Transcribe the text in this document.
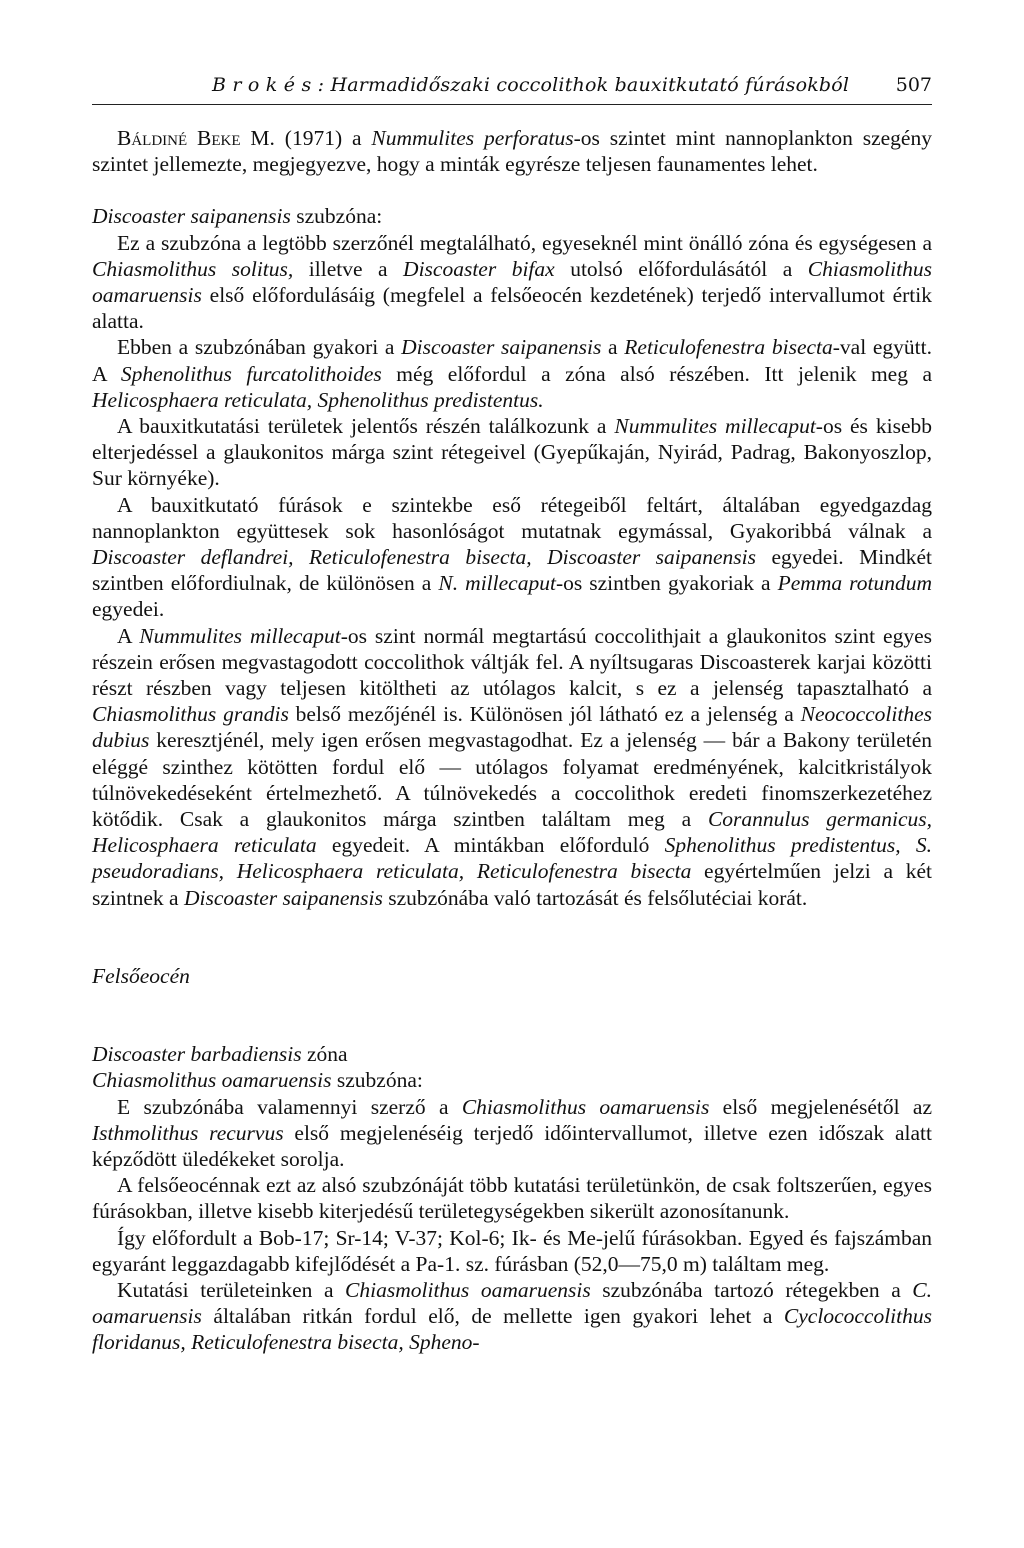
B r o k é s : Harmadidőszaki coccolithok bauxitkutató fúrásokból 507

Báldiné Beke M. (1971) a Nummulites perforatus-os szintet mint nannoplankton szegény szintet jellemezte, megjegyezve, hogy a minták egyrésze teljesen faunamentes lehet.

Discoaster saipanensis szubzóna:

Ez a szubzóna a legtöbb szerzőnél megtalálható, egyeseknél mint önálló zóna és egységesen a Chiasmolithus solitus, illetve a Discoaster bifax utolsó előfordulásától a Chiasmolithus oamaruensis első előfordulásáig (megfelel a felsőeocén kezdetének) terjedő intervallumot értik alatta.

Ebben a szubzónában gyakori a Discoaster saipanensis a Reticulofenestra bisecta-val együtt. A Sphenolithus furcatolithoides még előfordul a zóna alsó részében. Itt jelenik meg a Helicosphaera reticulata, Sphenolithus predistentus.

A bauxitkutatási területek jelentős részén találkozunk a Nummulites millecaput-os és kisebb elterjedéssel a glaukonitos márga szint rétegeivel (Gyepűkaján, Nyirád, Padrag, Bakonyoszlop, Sur környéke).

A bauxitkutató fúrások e szintekbe eső rétegeiből feltárt, általában egyedgazdag nannoplankton együttesek sok hasonlóságot mutatnak egymással, Gyakoribbá válnak a Discoaster deflandrei, Reticulofenestra bisecta, Discoaster saipanensis egyedei. Mindkét szintben előfordiulnak, de különösen a N. millecaput-os szintben gyakoriak a Pemma rotundum egyedei.

A Nummulites millecaput-os szint normál megtartású coccolithjait a glaukonitos szint egyes részein erősen megvastagodott coccolithok váltják fel. A nyíltsugaras Discoasterek karjai közötti részt részben vagy teljesen kitöltheti az utólagos kalcit, s ez a jelenség tapasztalható a Chiasmolithus grandis belső mezőjénél is. Különösen jól látható ez a jelenség a Neococcolithes dubius keresztjénél, mely igen erősen megvastagodhat. Ez a jelenség — bár a Bakony területén eléggé szinthez kötötten fordul elő — utólagos folyamat eredményének, kalcitkristályok túlnövekedéseként értelmezhető. A túlnövekedés a coccolithok eredeti finomszerkezetéhez kötődik. Csak a glaukonitos márga szintben találtam meg a Corannulus germanicus, Helicosphaera reticulata egyedeit. A mintákban előforduló Sphenolithus predistentus, S. pseudoradians, Helicosphaera reticulata, Reticulofenestra bisecta egyértelműen jelzi a két szintnek a Discoaster saipanensis szubzónába való tartozását és felsőlutéciai korát.

Felsőeocén

Discoaster barbadiensis zóna

Chiasmolithus oamaruensis szubzóna:

E szubzónába valamennyi szerző a Chiasmolithus oamaruensis első megjelenésétől az Isthmolithus recurvus első megjelenéséig terjedő időintervallumot, illetve ezen időszak alatt képződött üledékeket sorolja.

A felsőeocénnak ezt az alsó szubzónáját több kutatási területünkön, de csak foltszerűen, egyes fúrásokban, illetve kisebb kiterjedésű területegységekben sikerült azonosítanunk.

Így előfordult a Bob-17; Sr-14; V-37; Kol-6; Ik- és Me-jelű fúrásokban. Egyed és fajszámban egyaránt leggazdagabb kifejlődését a Pa-1. sz. fúrásban (52,0—75,0 m) találtam meg.

Kutatási területeinken a Chiasmolithus oamaruensis szubzónába tartozó rétegekben a C. oamaruensis általában ritkán fordul elő, de mellette igen gyakori lehet a Cyclococcolithus floridanus, Reticulofenestra bisecta, Spheno-
